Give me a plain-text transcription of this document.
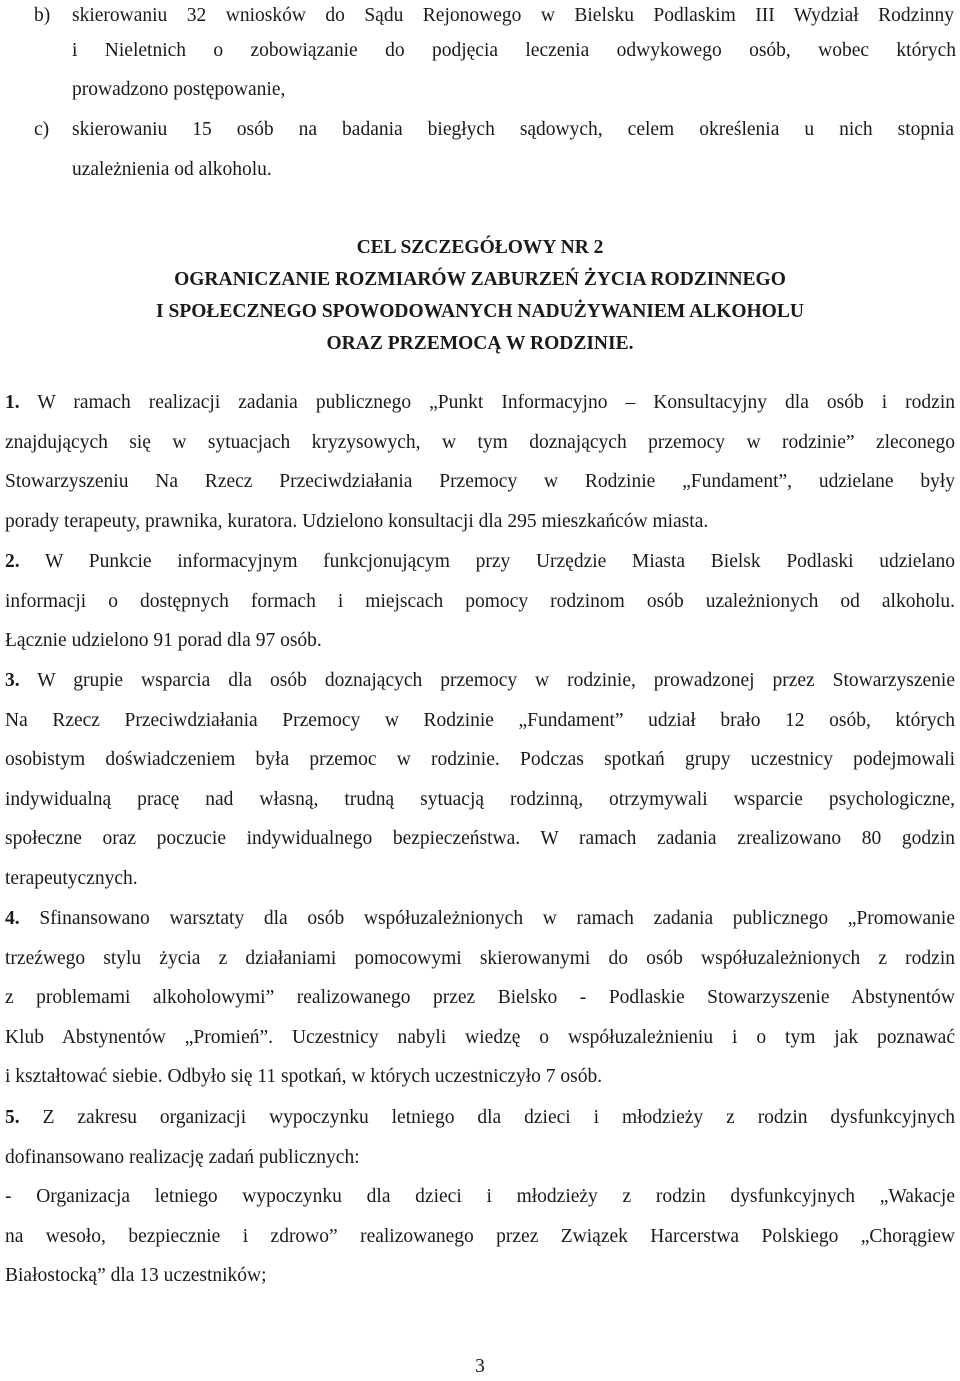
b) skierowaniu 32 wniosków do Sądu Rejonowego w Bielsku Podlaskim III Wydział Rodzinny
i Nieletnich o zobowiązanie do podjęcia leczenia odwykowego osób, wobec których
prowadzono postępowanie,
c) skierowaniu 15 osób na badania biegłych sądowych, celem określenia u nich stopnia
uzależnienia od alkoholu.
CEL SZCZEGÓŁOWY NR 2
OGRANICZANIE ROZMIARÓW ZABURZEŃ ŻYCIA RODZINNEGO
I SPOŁECZNEGO SPOWODOWANYCH NADUŻYWANIEM ALKOHOLU
ORAZ PRZEMOCĄ W RODZINIE.
1. W ramach realizacji zadania publicznego „Punkt Informacyjno – Konsultacyjny dla osób i rodzin
znajdujących się w sytuacjach kryzysowych, w tym doznających przemocy w rodzinie” zleconego
Stowarzyszeniu Na Rzecz Przeciwdziałania Przemocy w Rodzinie „Fundament”, udzielane były
porady terapeuty, prawnika, kuratora. Udzielono konsultacji dla 295 mieszkańców miasta.
2. W Punkcie informacyjnym funkcjonującym przy Urzędzie Miasta Bielsk Podlaski udzielano
informacji o dostępnych formach i miejscach pomocy rodzinom osób uzależnionych od alkoholu.
Łącznie udzielono 91 porad dla 97 osób.
3. W grupie wsparcia dla osób doznających przemocy w rodzinie, prowadzonej przez Stowarzyszenie
Na Rzecz Przeciwdziałania Przemocy w Rodzinie „Fundament” udział brało 12 osób, których
osobistym doświadczeniem była przemoc w rodzinie. Podczas spotkań grupy uczestnicy podejmowali
indywidualną pracę nad własną, trudną sytuacją rodzinną, otrzymywali wsparcie psychologiczne,
społeczne oraz poczucie indywidualnego bezpieczeństwa. W ramach zadania zrealizowano 80 godzin
terapeutycznych.
4. Sfinansowano warsztaty dla osób współuzależnionych w ramach zadania publicznego „Promowanie
trzeźwego stylu życia z działaniami pomocowymi skierowanymi do osób współuzależnionych z rodzin
z problemami alkoholowymi” realizowanego przez Bielsko - Podlaskie Stowarzyszenie Abstynentów
Klub Abstynentów „Promień”. Uczestnicy nabyli wiedzę o współuzależnieniu i o tym jak poznawać
i kształtować siebie. Odbyło się 11 spotkań, w których uczestniczyło 7 osób.
5. Z zakresu organizacji wypoczynku letniego dla dzieci i młodzieży z rodzin dysfunkcyjnych
dofinansowano realizację zadań publicznych:
- Organizacja letniego wypoczynku dla dzieci i młodzieży z rodzin dysfunkcyjnych „Wakacje
na wesoło, bezpiecznie i zdrowo” realizowanego przez Związek Harcerstwa Polskiego „Chorągiew
Białostocką” dla 13 uczestników;
3
